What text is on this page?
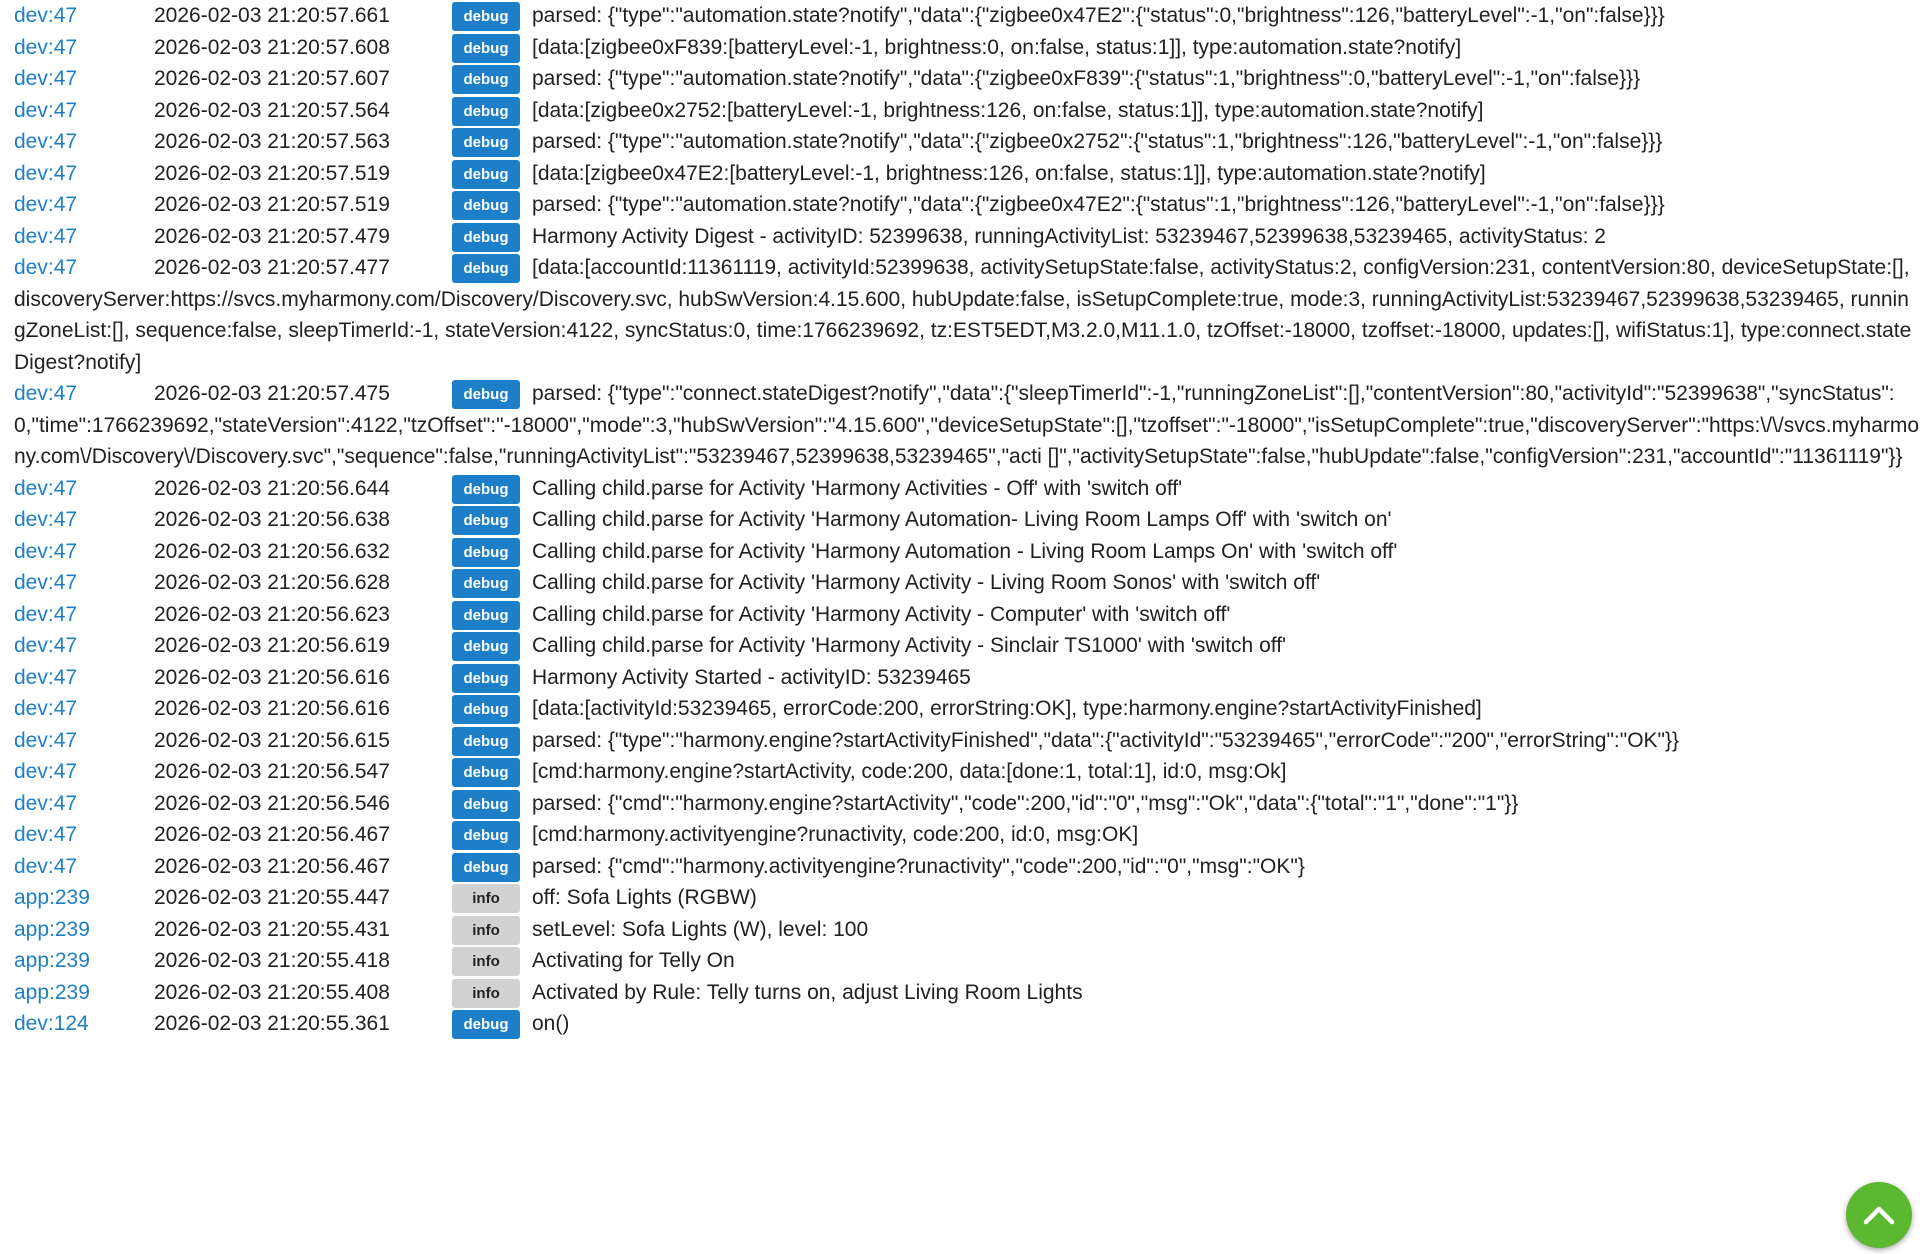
dev:47	2026-02-03 21:20:57.661	debug parsed: {"type":"automation.state?notify","data":{"zigbee0x47E2":{"status":0,"brightness":126,"batteryLevel":-1,"on":false}}}
dev:47	2026-02-03 21:20:57.608	debug [data:[zigbee0xF839:[batteryLevel:-1, brightness:0, on:false, status:1]], type:automation.state?notify]
dev:47	2026-02-03 21:20:57.607	debug parsed: {"type":"automation.state?notify","data":{"zigbee0xF839":{"status":1,"brightness":0,"batteryLevel":-1,"on":false}}}
dev:47	2026-02-03 21:20:57.564	debug [data:[zigbee0x2752:[batteryLevel:-1, brightness:126, on:false, status:1]], type:automation.state?notify]
dev:47	2026-02-03 21:20:57.563	debug parsed: {"type":"automation.state?notify","data":{"zigbee0x2752":{"status":1,"brightness":126,"batteryLevel":-1,"on":false}}}
dev:47	2026-02-03 21:20:57.519	debug [data:[zigbee0x47E2:[batteryLevel:-1, brightness:126, on:false, status:1]], type:automation.state?notify]
dev:47	2026-02-03 21:20:57.519	debug parsed: {"type":"automation.state?notify","data":{"zigbee0x47E2":{"status":1,"brightness":126,"batteryLevel":-1,"on":false}}}
dev:47	2026-02-03 21:20:57.479	debug Harmony Activity Digest - activityID: 52399638, runningActivityList: 53239467,52399638,53239465, activityStatus: 2
dev:47	2026-02-03 21:20:57.477	debug [data:[accountId:11361119, activityId:52399638, activitySetupState:false, activityStatus:2, configVersion:231, contentVersion:80, deviceSetupState:[], discoveryServer:https://svcs.myharmony.com/Discovery/Discovery.svc, hubSwVersion:4.15.600, hubUpdate:false, isSetupComplete:true, mode:3, runningActivityList:53239467,52399638,53239465, runningZoneList:[], sequence:false, sleepTimerId:-1, stateVersion:4122, syncStatus:0, time:1766239692, tz:EST5EDT,M3.2.0,M11.1.0, tzOffset:-18000, tzoffset:-18000, updates:[], wifiStatus:1], type:connect.stateDigest?notify]
dev:47	2026-02-03 21:20:57.475	debug parsed: {"type":"connect.stateDigest?notify","data":{"sleepTimerId":-1,"runningZoneList":[],"contentVersion":80,"activityId":"52399638","syncStatus":0,"time":1766239692,"stateVersion":4122,"tzOffset":"-18000","mode":3,"hubSwVersion":"4.15.600","deviceSetupState":[],"tzoffset":"-18000","isSetupComplete":true,"discoveryServer":"https:\/\/svcs.myharmony.com\/Discovery\/Discovery.svc","sequence":false,"runningActivityList":"53239467,52399638,53239465","acti []","activitySetupState":false,"hubUpdate":false,"configVersion":231,"accountId":"11361119"}}
dev:47	2026-02-03 21:20:56.644	debug Calling child.parse for Activity 'Harmony Activities - Off' with 'switch off'
dev:47	2026-02-03 21:20:56.638	debug Calling child.parse for Activity 'Harmony Automation- Living Room Lamps Off' with 'switch on'
dev:47	2026-02-03 21:20:56.632	debug Calling child.parse for Activity 'Harmony Automation - Living Room Lamps On' with 'switch off'
dev:47	2026-02-03 21:20:56.628	debug Calling child.parse for Activity 'Harmony Activity - Living Room Sonos' with 'switch off'
dev:47	2026-02-03 21:20:56.623	debug Calling child.parse for Activity 'Harmony Activity - Computer' with 'switch off'
dev:47	2026-02-03 21:20:56.619	debug Calling child.parse for Activity 'Harmony Activity - Sinclair TS1000' with 'switch off'
dev:47	2026-02-03 21:20:56.616	debug Harmony Activity Started - activityID: 53239465
dev:47	2026-02-03 21:20:56.616	debug [data:[activityId:53239465, errorCode:200, errorString:OK], type:harmony.engine?startActivityFinished]
dev:47	2026-02-03 21:20:56.615	debug parsed: {"type":"harmony.engine?startActivityFinished","data":{"activityId":"53239465","errorCode":"200","errorString":"OK"}}
dev:47	2026-02-03 21:20:56.547	debug [cmd:harmony.engine?startActivity, code:200, data:[done:1, total:1], id:0, msg:Ok]
dev:47	2026-02-03 21:20:56.546	debug parsed: {"cmd":"harmony.engine?startActivity","code":200,"id":"0","msg":"Ok","data":{"total":"1","done":"1"}}
dev:47	2026-02-03 21:20:56.467	debug [cmd:harmony.activityengine?runactivity, code:200, id:0, msg:OK]
dev:47	2026-02-03 21:20:56.467	debug parsed: {"cmd":"harmony.activityengine?runactivity","code":200,"id":"0","msg":"OK"}
app:239	2026-02-03 21:20:55.447	info off: Sofa Lights (RGBW)
app:239	2026-02-03 21:20:55.431	info setLevel: Sofa Lights (W), level: 100
app:239	2026-02-03 21:20:55.418	info Activating for Telly On
app:239	2026-02-03 21:20:55.408	info Activated by Rule: Telly turns on, adjust Living Room Lights
dev:124	2026-02-03 21:20:55.361	debug on()
